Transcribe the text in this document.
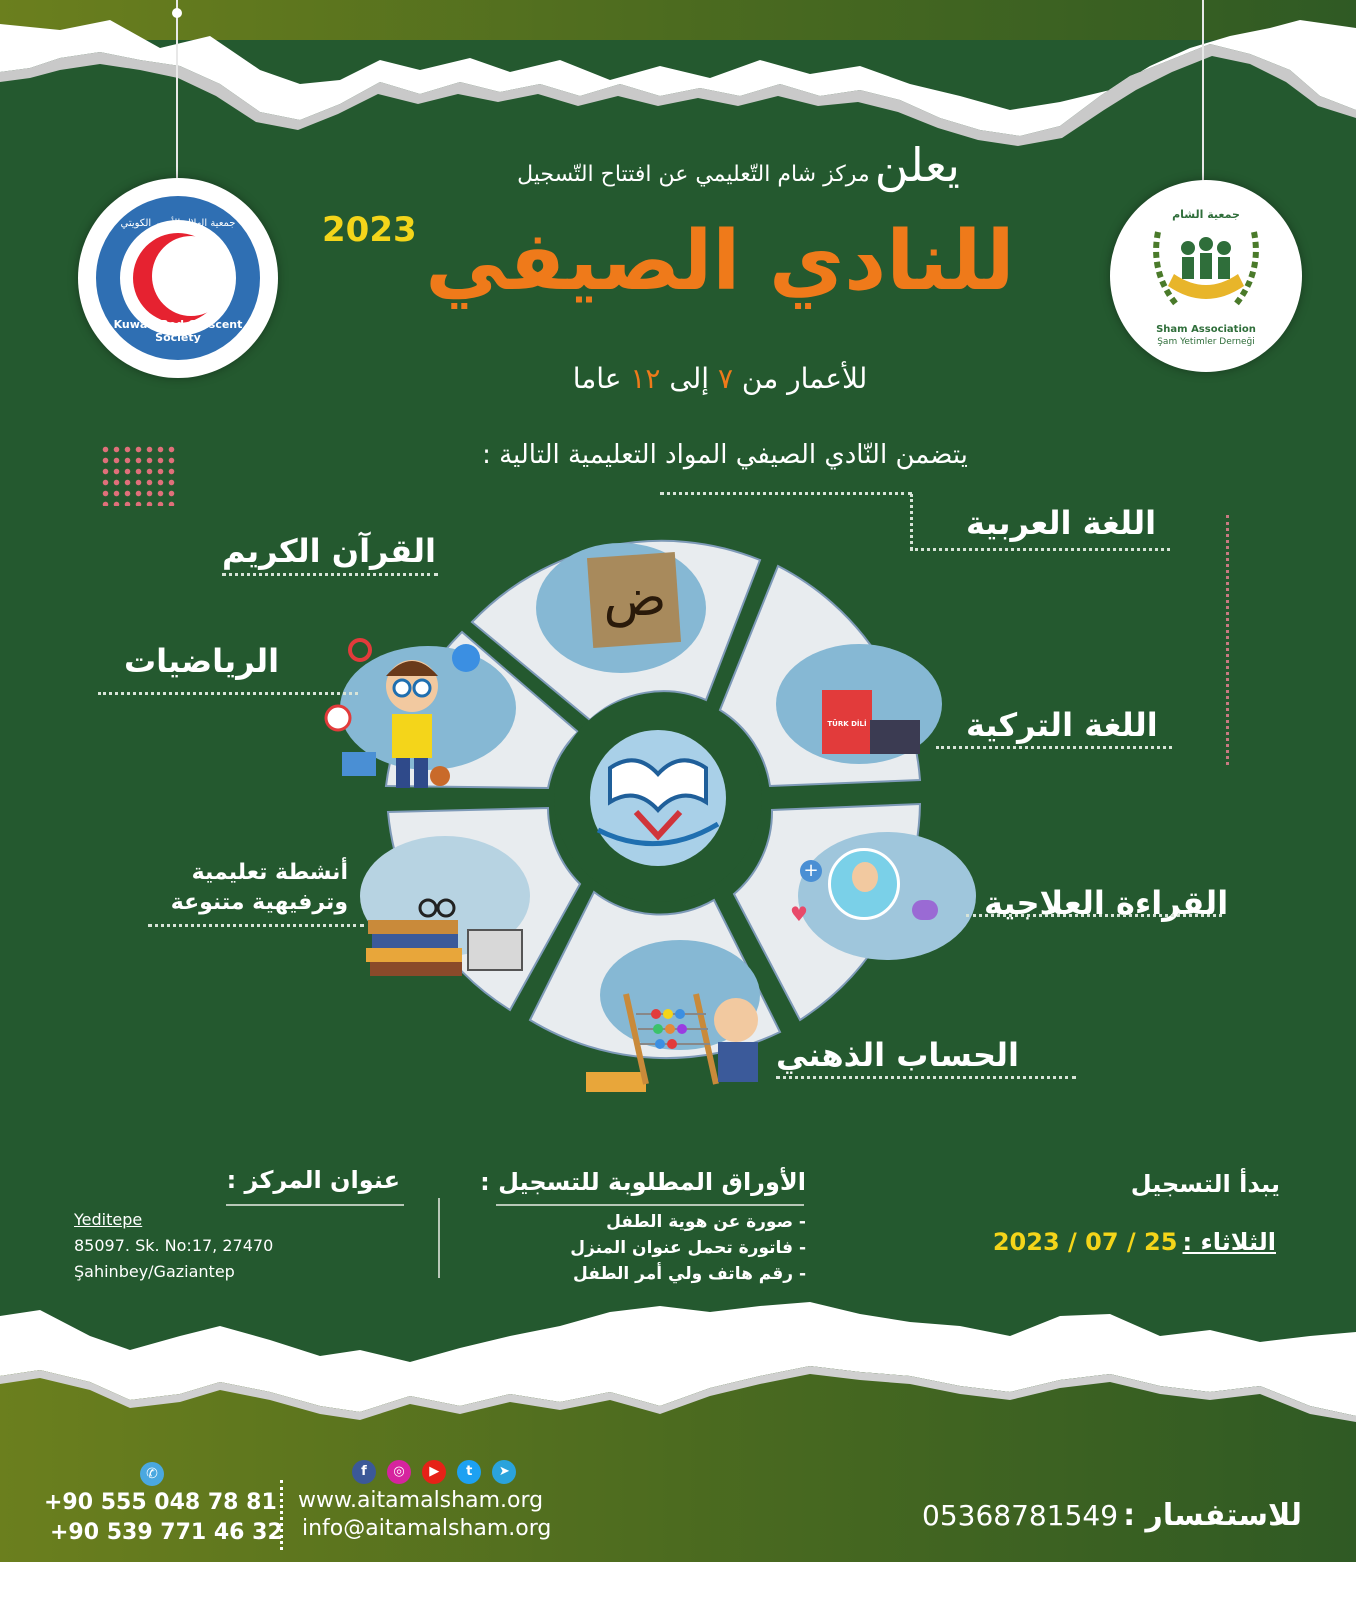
Kuwait Red Crescent Society
جمعية الهلال الأحمر الكويتي
جمعية الشام
Sham Association
Şam Yetimler Derneği
يعلن مركز شام التّعليمي عن افتتاح التّسجيل
2023 للنادي الصيفي
للأعمار من ٧ إلى ١٢ عاما
يتضمن النّادي الصيفي المواد التعليمية التالية :
ض
TÜRK DİLİ
+
♥
اللغة العربية
القرآن الكريم
الرياضيات
اللغة التركية
أنشطة تعليمية
وترفيهية متنوعة	القراءة العلاجية
الحساب الذهني
عنوان المركز :
Yeditepe
85097. Sk. No:17, 27470
Şahinbey/Gaziantep
الأوراق المطلوبة للتسجيل :
- صورة عن هوية الطفل
- فاتورة تحمل عنوان المنزل
- رقم هاتف ولي أمر الطفل
يبدأ التسجيل
الثلاثاء : 2023 / 07 / 25
✆
+90 555 048 78 81
+90 539 771 46 32
f ◎ ▶ t ➤
www.aitamalsham.org
info@aitamalsham.org	للاستفسار : 05368781549
